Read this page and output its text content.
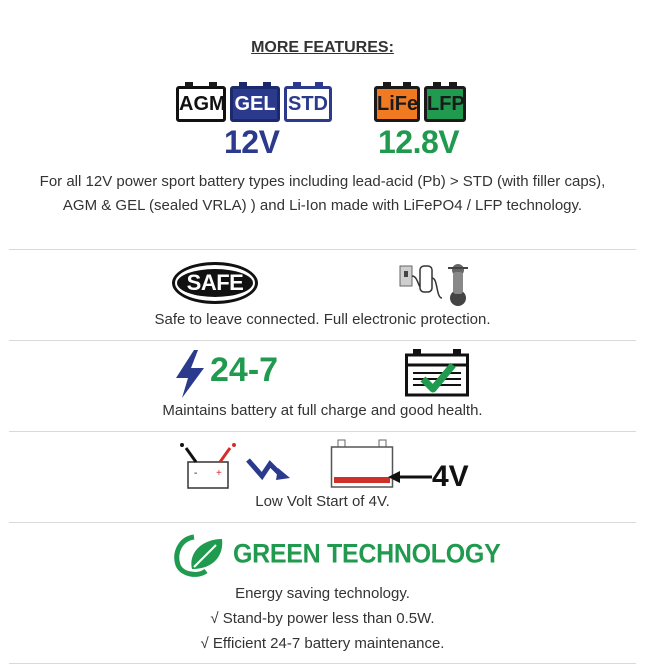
MORE FEATURES:
AGM GEL STD LiFe LFP
12V	12.8V
For all 12V power sport battery types including lead-acid (Pb) > STD (with filler caps),
AGM & GEL (sealed VRLA) ) and Li-Ion made with LiFePO4 / LFP technology.
SAFE
Safe to leave connected. Full electronic protection.
24-7
Maintains battery at full charge and good health.
- +	4V
Low Volt Start of 4V.
GREEN TECHNOLOGY
Energy saving technology.
√ Stand-by power less than 0.5W.
√ Efficient 24-7 battery maintenance.
